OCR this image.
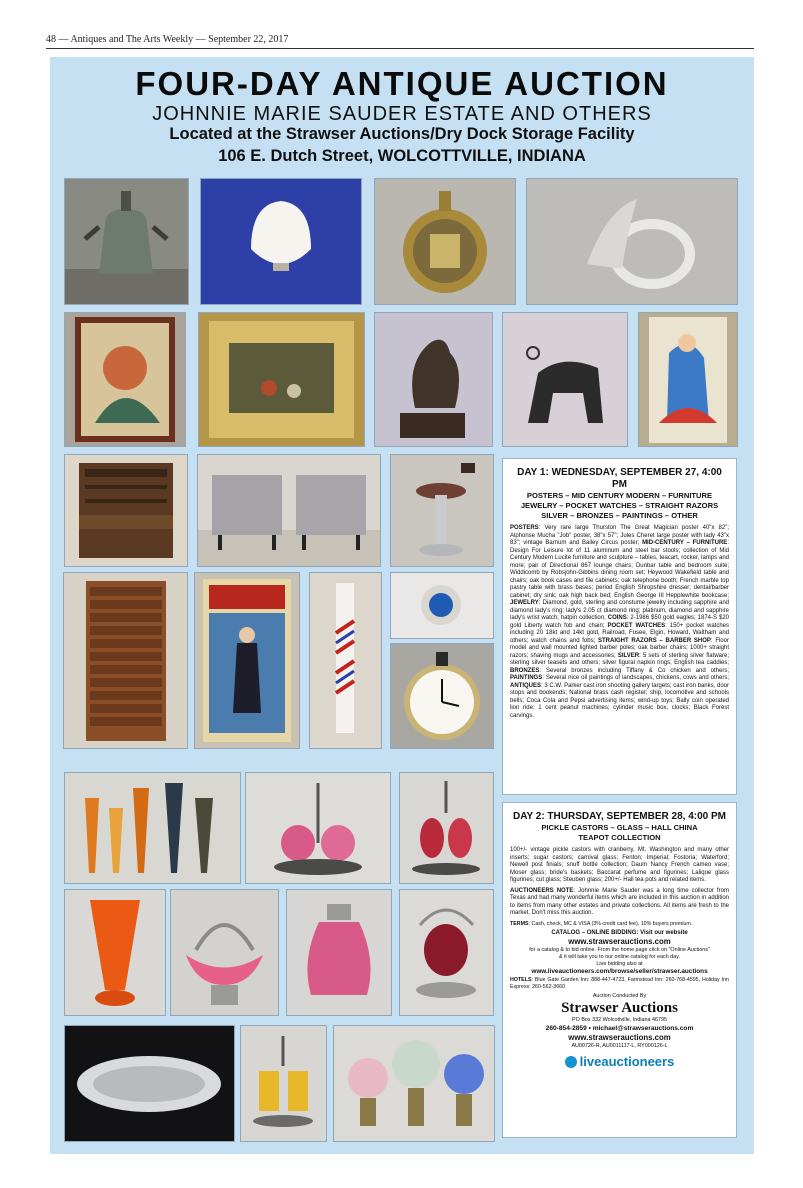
48 — Antiques and The Arts Weekly — September 22, 2017
FOUR-DAY ANTIQUE AUCTION
JOHNNIE MARIE SAUDER ESTATE AND OTHERS
Located at the Strawser Auctions/Dry Dock Storage Facility
106 E. Dutch Street, WOLCOTTVILLE, INDIANA
DAY 1: WEDNESDAY, SEPTEMBER 27, 4:00 PM
POSTERS – MID CENTURY MODERN – FURNITURE
JEWELRY – POCKET WATCHES – STRAIGHT RAZORS
SILVER – BRONZES – PAINTINGS – OTHER

POSTERS: Very rare large Thurston The Great Magician poster 40"x 82"; Alphonse Mucha "Job" poster, 38"x 57"; Jules Cheret large poster with lady 43"x 83"; vintage Barnum and Bailey Circus poster; MID-CENTURY – FURNITURE: Design For Leisure lot of 11 aluminum and steel bar stools; collection of Mid Century Modern Lucite furniture and sculpture – tables, teacart, rocker, lamps and more; pair of Directional 867 lounge chairs; Dunbar table and bedroom suite; Widdicomb by Robsjohn-Gibbins dining room set; Heywood Wakefield table and chairs; oak book cases and file cabinets; oak telephone booth; French marble top pastry table with brass bases; period English Shropshire dresser; dental/barber cabinet; dry sink; oak high back bed; English George III Hepplewhite bookcase; JEWELRY: Diamond, gold, sterling and constume jewelry including sapphire and diamond lady's ring; lady's 2.05 ct diamond ring; platinum, diamond and sapphire lady's wrist watch; hatpin collection; COINS: 2-1986 $50 gold eagles; 1874-S $20 gold Liberty watch fob and chain; POCKET WATCHES: 150+ pocket watches including 20 18kt and 14kt gold, Railroad, Fusee, Elgin, Howard, Waltham and others; watch chains and fobs; STRAIGHT RAZORS – BARBER SHOP: Floor model and wall mounted lighted barber poles; oak barber chairs; 1000+ straight razors; shaving mugs and accessories; SILVER: 5 sets of sterling silver flatware; sterling silver teasets and others; silver figural napkin rings; English tea caddies; BRONZES: Several bronzes including Tiffany & Co chicken and others; PAINTINGS: Several nice oil paintings of landscapes, chickens, cows and others; ANTIQUES: 3 C.W. Parker cast iron shooting gallery targets; cast iron banks, door stops and bookends; National brass cash register; ship, locomotive and schools bells; Coca Cola and Pepsi advertising items; wind-up toys; Bally coin operated lion ride; 1 cent peanut machines; cylinder music box, clocks; Black Forest carvings.

DAY 2: THURSDAY, SEPTEMBER 28, 4:00 PM
PICKLE CASTORS – GLASS – HALL CHINA
TEAPOT COLLECTION

100+/- vintage pickle castors with cranberry, Mt. Washington and many other inserts; sugar castors; carnival glass; Fenton; Imperial; Fostoria; Waterford; Newell post finials; snuff bottle collection; Daum Nancy French cameo vase; Moser glass; bride's baskets; Baccarat perfume and figurines; Lalique glass figurines; cut glass; Steuben glass; 200+/- Hall tea pots and related items.

AUCTIONEERS NOTE: Johnnie Marie Sauder was a long time collector from Texas and had many wonderful items which are included in this auction in addition to items from many other estates and private collections. All items are fresh to the market. Don't miss this auction.

TERMS: Cash, check, MC & VISA (3% credit card fee), 10% buyers premium.

CATALOG – ONLINE BIDDING: Visit our website

www.strawserauctions.com

for a catalog & to bid online. From the home page click on "Online Auctions"

& it will take you to our online catalog for each day.

Live bidding also at

www.liveauctioneers.com/browse/seller/strawser.auctions

HOTELS: Blue Gate Garden Inn: 888-447-4723, Farmstead Inn: 260-768-4595, Holiday Inn Express: 260-562-3660

Auction Conducted By

Strawser Auctions

PO Box 332 Wolcottville, Indiana 46795

260-854-2859 • michael@strawserauctions.com

www.strawserauctions.com

AU00726-R, AU0011117-L, RY000126-L

liveauctioneers
